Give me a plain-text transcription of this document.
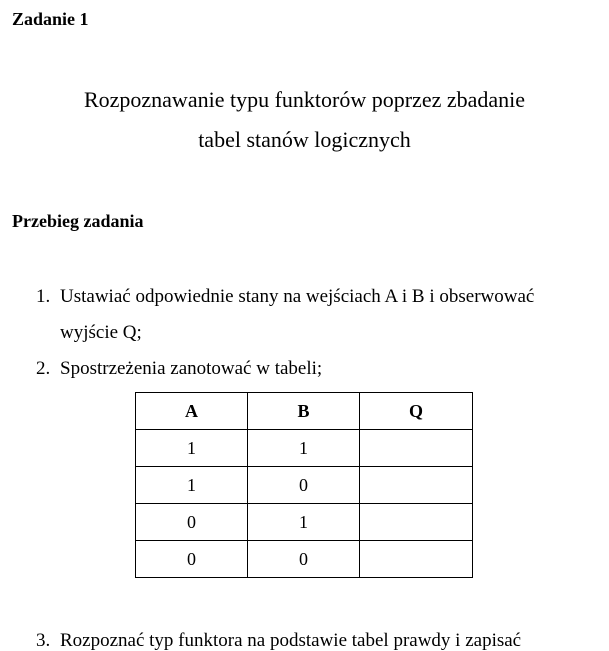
Zadanie 1
Rozpoznawanie typu funktorów poprzez zbadanie
tabel stanów logicznych
Przebieg zadania
1. Ustawiać odpowiednie stany na wejściach A i B i obserwować
wyjście Q;
2. Spostrzeżenia zanotować w tabeli;
A	B	Q
1	1	
1	0	
0	1	
0	0	
3. Rozpoznać typ funktora na podstawie tabel prawdy i zapisać
